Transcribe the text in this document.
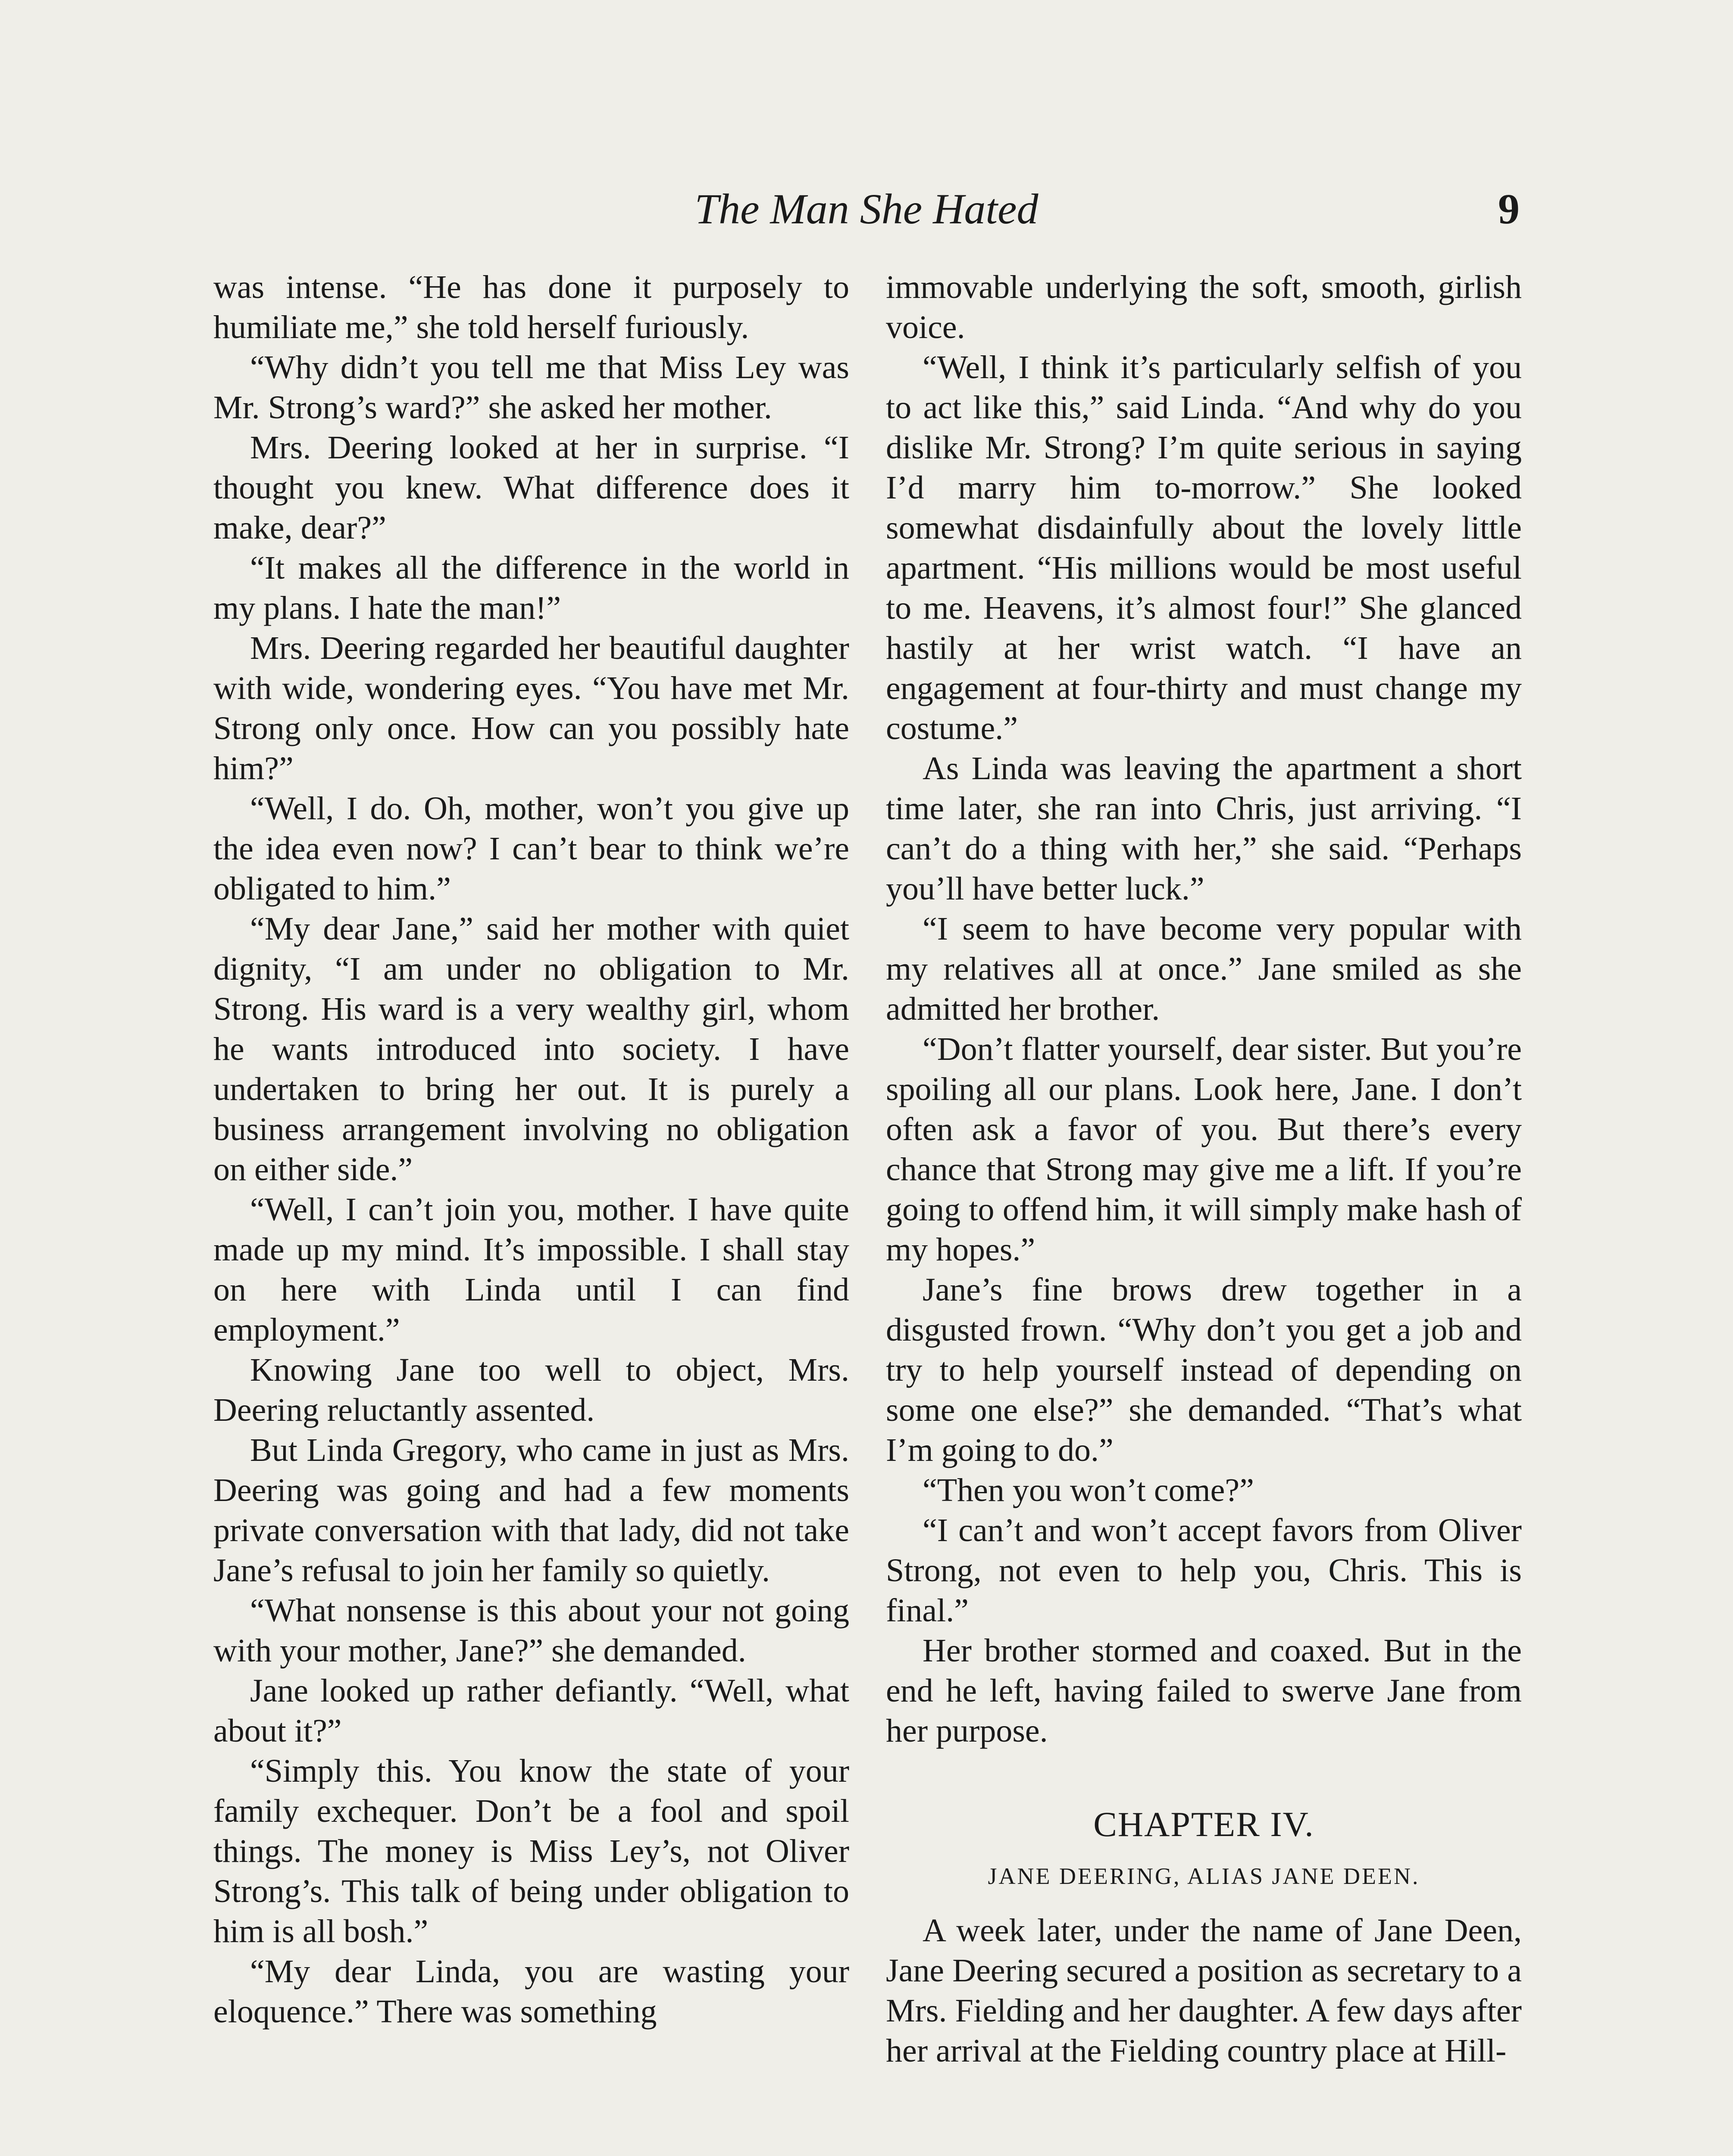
The Man She Hated	9

was intense. “He has done it purposely to humiliate me,” she told herself furiously.

“Why didn’t you tell me that Miss Ley was Mr. Strong’s ward?” she asked her mother.

Mrs. Deering looked at her in surprise. “I thought you knew. What difference does it make, dear?”

“It makes all the difference in the world in my plans. I hate the man!”

Mrs. Deering regarded her beautiful daughter with wide, wondering eyes. “You have met Mr. Strong only once. How can you possibly hate him?”

“Well, I do. Oh, mother, won’t you give up the idea even now? I can’t bear to think we’re obligated to him.”

“My dear Jane,” said her mother with quiet dignity, “I am under no obligation to Mr. Strong. His ward is a very wealthy girl, whom he wants introduced into society. I have undertaken to bring her out. It is purely a business arrangement involving no obligation on either side.”

“Well, I can’t join you, mother. I have quite made up my mind. It’s impossible. I shall stay on here with Linda until I can find employment.”

Knowing Jane too well to object, Mrs. Deering reluctantly assented.

But Linda Gregory, who came in just as Mrs. Deering was going and had a few moments private conversation with that lady, did not take Jane’s refusal to join her family so quietly.

“What nonsense is this about your not going with your mother, Jane?” she demanded.

Jane looked up rather defiantly. “Well, what about it?”

“Simply this. You know the state of your family exchequer. Don’t be a fool and spoil things. The money is Miss Ley’s, not Oliver Strong’s. This talk of being under obligation to him is all bosh.”

“My dear Linda, you are wasting your eloquence.” There was something

immovable underlying the soft, smooth, girlish voice.

“Well, I think it’s particularly selfish of you to act like this,” said Linda. “And why do you dislike Mr. Strong? I’m quite serious in saying I’d marry him to-morrow.” She looked somewhat disdainfully about the lovely little apartment. “His millions would be most useful to me. Heavens, it’s almost four!” She glanced hastily at her wrist watch. “I have an engagement at four-thirty and must change my costume.”

As Linda was leaving the apartment a short time later, she ran into Chris, just arriving. “I can’t do a thing with her,” she said. “Perhaps you’ll have better luck.”

“I seem to have become very popular with my relatives all at once.” Jane smiled as she admitted her brother.

“Don’t flatter yourself, dear sister. But you’re spoiling all our plans. Look here, Jane. I don’t often ask a favor of you. But there’s every chance that Strong may give me a lift. If you’re going to offend him, it will simply make hash of my hopes.”

Jane’s fine brows drew together in a disgusted frown. “Why don’t you get a job and try to help yourself instead of depending on some one else?” she demanded. “That’s what I’m going to do.”

“Then you won’t come?”

“I can’t and won’t accept favors from Oliver Strong, not even to help you, Chris. This is final.”

Her brother stormed and coaxed. But in the end he left, having failed to swerve Jane from her purpose.

CHAPTER IV.
JANE DEERING, ALIAS JANE DEEN.

A week later, under the name of Jane Deen, Jane Deering secured a position as secretary to a Mrs. Fielding and her daughter. A few days after her arrival at the Fielding country place at Hill-
